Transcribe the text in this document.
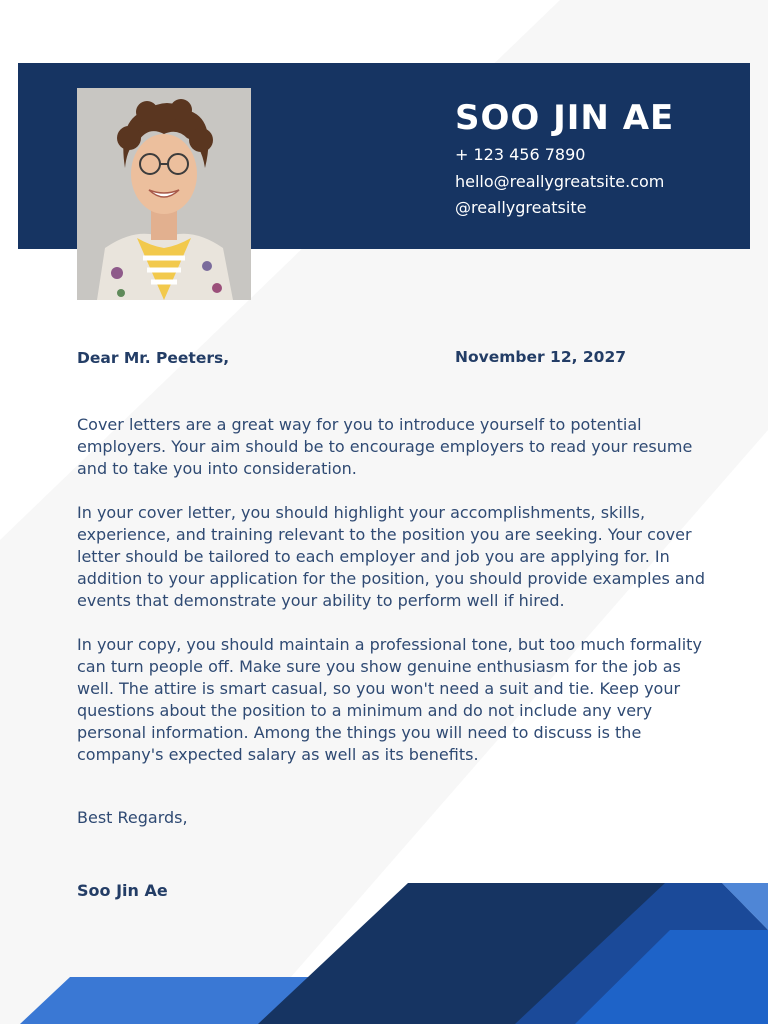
SOO JIN AE
+ 123 456 7890
hello@reallygreatsite.com
@reallygreatsite
Dear Mr. Peeters,	November 12, 2027

Cover letters are a great way for you to introduce yourself to potential employers. Your aim should be to encourage employers to read your resume and to take you into consideration.

In your cover letter, you should highlight your accomplishments, skills, experience, and training relevant to the position you are seeking. Your cover letter should be tailored to each employer and job you are applying for. In addition to your application for the position, you should provide examples and events that demonstrate your ability to perform well if hired.

In your copy, you should maintain a professional tone, but too much formality can turn people off. Make sure you show genuine enthusiasm for the job as well. The attire is smart casual, so you won't need a suit and tie. Keep your questions about the position to a minimum and do not include any very personal information. Among the things you will need to discuss is the company's expected salary as well as its benefits.

Best Regards,
Soo Jin Ae
